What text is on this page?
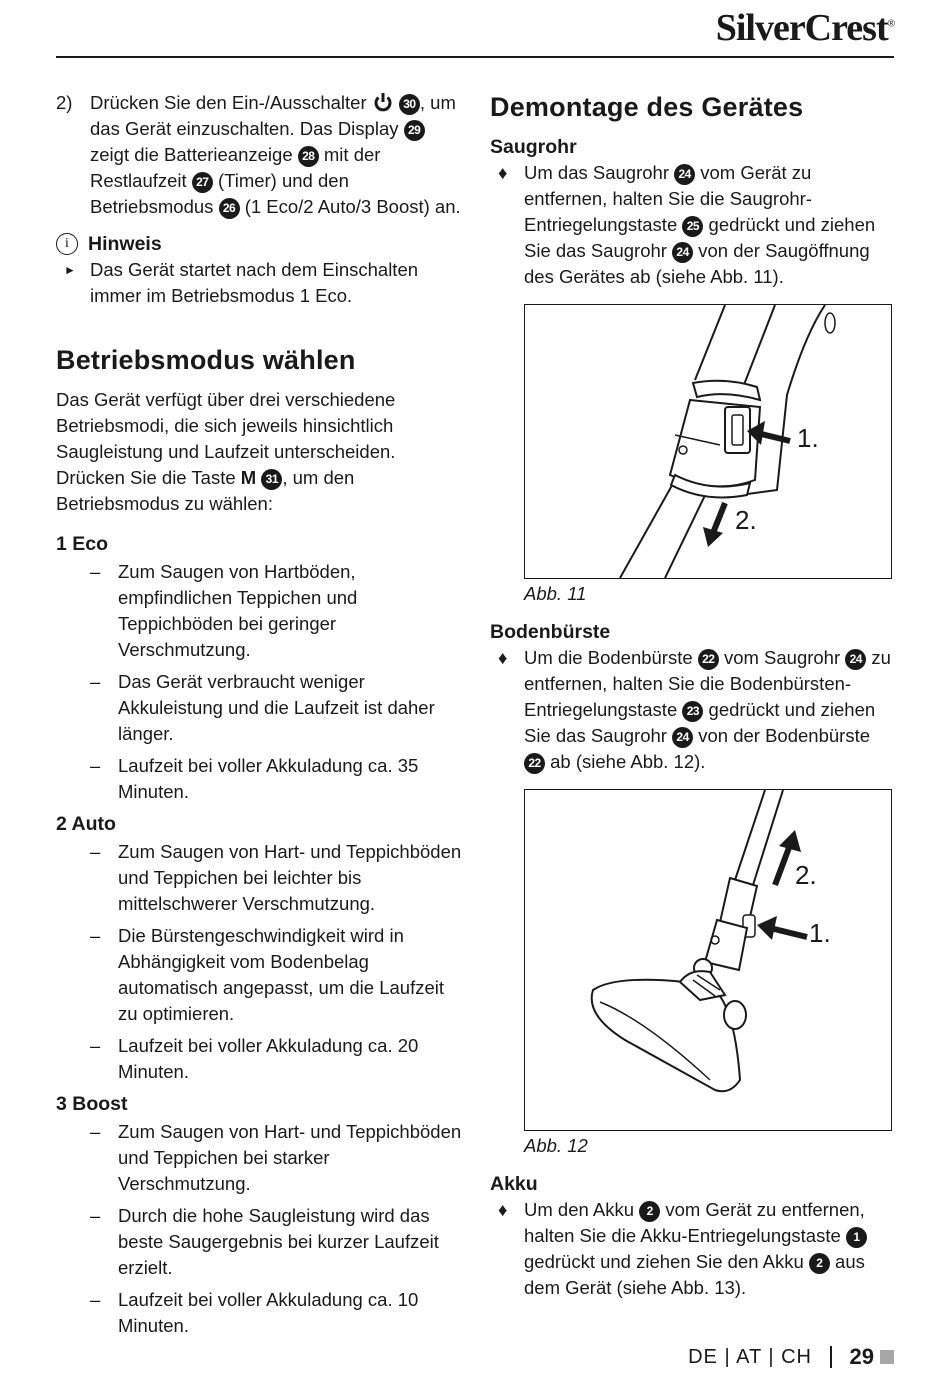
SilverCrest®

2) Drücken Sie den Ein-/Ausschalter	30 , um das Gerät einzuschalten. Das Display 29 zeigt die Batterieanzeige 28 mit der Restlaufzeit 27 (Timer) und den Betriebsmodus 26 (1 Eco/2 Auto/3 Boost) an.

i Hinweis

► Das Gerät startet nach dem Einschalten immer im Betriebsmodus 1 Eco.

Betriebsmodus wählen

Das Gerät verfügt über drei verschiedene Betriebsmodi, die sich jeweils hinsichtlich Saugleistung und Laufzeit unterscheiden. Drücken Sie die Taste M 31 , um den Betriebsmodus zu wählen:

1 Eco

– Zum Saugen von Hartböden, empfindlichen Teppichen und Teppichböden bei geringer Verschmutzung.

– Das Gerät verbraucht weniger Akkuleistung und die Laufzeit ist daher länger.

– Laufzeit bei voller Akkuladung ca. 35 Minuten.

2 Auto

– Zum Saugen von Hart- und Teppichböden und Teppichen bei leichter bis mittelschwerer Verschmutzung.

– Die Bürstengeschwindigkeit wird in Abhängigkeit vom Bodenbelag automatisch angepasst, um die Laufzeit zu optimieren.

– Laufzeit bei voller Akkuladung ca. 20 Minuten.

3 Boost

– Zum Saugen von Hart- und Teppichböden und Teppichen bei starker Verschmutzung.

– Durch die hohe Saugleistung wird das beste Saugergebnis bei kurzer Laufzeit erzielt.

– Laufzeit bei voller Akkuladung ca. 10 Minuten.

Demontage des Gerätes
Saugrohr

♦ Um das Saugrohr 24 vom Gerät zu entfernen, halten Sie die Saugrohr-Entriegelungstaste 25 gedrückt und ziehen Sie das Saugrohr 24 von der Saugöffnung des Gerätes ab (siehe Abb. 11).

1.
2.
Abb. 11
Bodenbürste

♦ Um die Bodenbürste 22 vom Saugrohr 24 zu entfernen, halten Sie die Bodenbürsten-Entriegelungstaste 23 gedrückt und ziehen Sie das Saugrohr 24 von der Bodenbürste 22 ab (siehe Abb. 12).

1.
2.
Abb. 12
Akku

♦ Um den Akku 2 vom Gerät zu entfernen, halten Sie die Akku-Entriegelungstaste 1 gedrückt und ziehen Sie den Akku 2 aus dem Gerät (siehe Abb. 13).

DE | AT | CH 29
